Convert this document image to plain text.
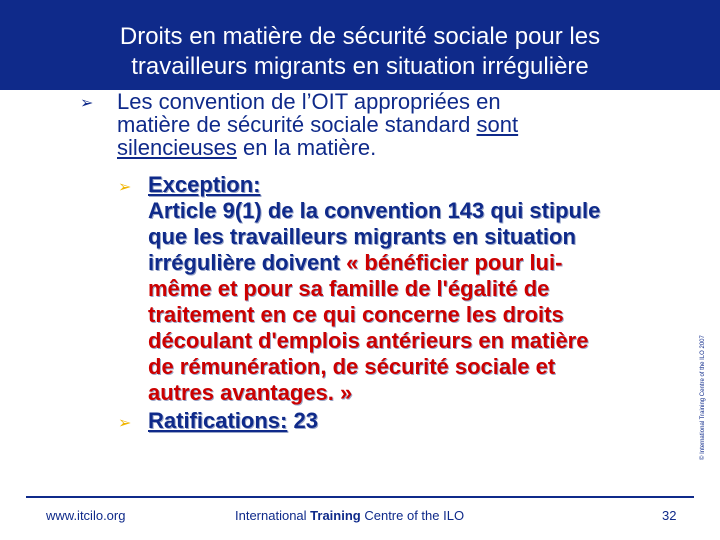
Droits en matière de sécurité sociale pour les
travailleurs migrants en situation irrégulière
➢ Les convention de l’OIT appropriées en
matière de sécurité sociale standard sont
silencieuses en la matière.
➢ Exception:
Article 9(1) de la convention 143 qui stipule
que les travailleurs migrants en situation
irrégulière doivent « bénéficier pour lui-
même et pour sa famille de l'égalité de
traitement en ce qui concerne les droits
découlant d'emplois antérieurs en matière
de rémunération, de sécurité sociale et
autres avantages. »
➢ Ratifications: 23	© International Training Centre of the ILO 2007
www.itcilo.org	International Training Centre of the ILO	32
